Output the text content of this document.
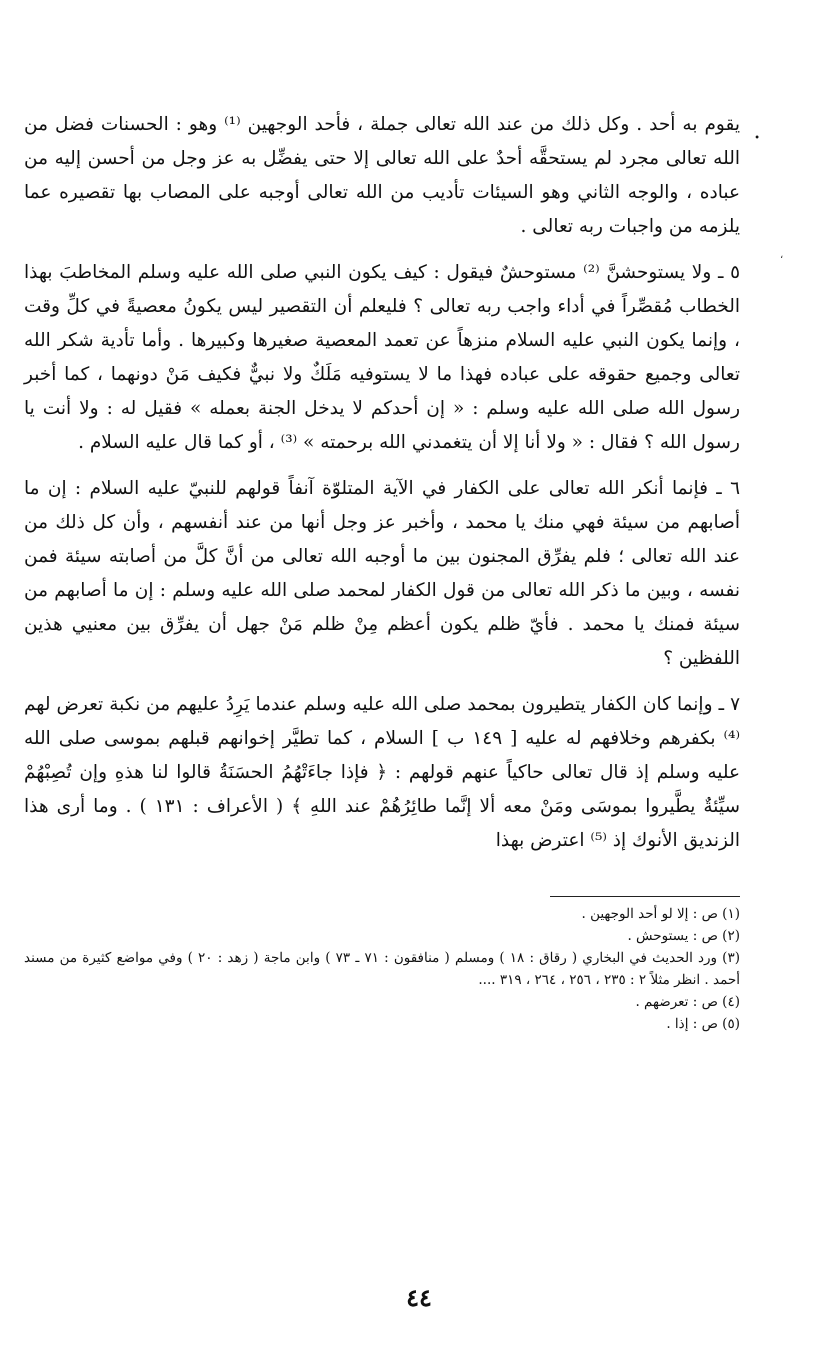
•
يقوم به أحد . وكل ذلك من عند الله تعالى جملة ، فأحد الوجهين ⁽¹⁾ وهو : الحسنات فضل من الله تعالى مجرد لم يستحقَّه أحدٌ على الله تعالى إلا حتى يفضِّل به عز وجل من أحسن إليه من عباده ، والوجه الثاني وهو السيئات تأديب من الله تعالى أوجبه على المصاب بها تقصيره عما يلزمه من واجبات ربه تعالى .

٥ ـ ولا يستوحشنَّ ⁽²⁾ مستوحشٌ فيقول : كيف يكون النبي صلى الله عليه وسلم المخاطبَ بهذا الخطاب مُقصِّراً في أداء واجب ربه تعالى ؟ فليعلم أن التقصير ليس يكونُ معصيةً في كلِّ وقت ، وإنما يكون النبي عليه السلام منزهاً عن تعمد المعصية صغيرها وكبيرها . وأما تأدية شكر الله تعالى وجميع حقوقه على عباده فهذا ما لا يستوفيه مَلَكٌ ولا نبيٌّ فكيف مَنْ دونهما ، كما أخبر رسول الله صلى الله عليه وسلم : « إن أحدكم لا يدخل الجنة بعمله » فقيل له : ولا أنت يا رسول الله ؟ فقال : « ولا أنا إلا أن يتغمدني الله برحمته » ⁽³⁾ ، أو كما قال عليه السلام .

٦ ـ فإنما أنكر الله تعالى على الكفار في الآية المتلوّة آنفاً قولهم للنبيّ عليه السلام : إن ما أصابهم من سيئة فهي منك يا محمد ، وأخبر عز وجل أنها من عند أنفسهم ، وأن كل ذلك من عند الله تعالى ؛ فلم يفرِّق المجنون بين ما أوجبه الله تعالى من أنَّ كلَّ من أصابته سيئة فمن نفسه ، وبين ما ذكر الله تعالى من قول الكفار لمحمد صلى الله عليه وسلم : إن ما أصابهم من سيئة فمنك يا محمد . فأيّ ظلم يكون أعظم مِنْ ظلم مَنْ جهل أن يفرِّق بين معنيي هذين اللفظين ؟

٧ ـ وإنما كان الكفار يتطيرون بمحمد صلى الله عليه وسلم عندما يَرِدُ عليهم من نكبة تعرض لهم ⁽⁴⁾ بكفرهم وخلافهم له عليه [ ١٤٩ ب ] السلام ، كما تطيَّر إخوانهم قبلهم بموسى صلى الله عليه وسلم إذ قال تعالى حاكياً عنهم قولهم : ﴿ فإذا جاءَتْهُمُ الحسَنَةُ قالوا لنا هذهِ وإن تُصِبْهُمْ سيِّئةٌ يطَّيروا بموسَى ومَنْ معه ألا إنَّما طائِرُهُمْ عند اللهِ ﴾ ( الأعراف : ١٣١ ) . وما أرى هذا الزنديق الأنوك إذ ⁽⁵⁾ اعترض بهذا

(١) ص : إلا لو أحد الوجهين .
(٢) ص : يستوحش .
(٣) ورد الحديث في البخاري ( رقاق : ١٨ ) ومسلم ( منافقون : ٧١ ـ ٧٣ ) وابن ماجة ( زهد : ٢٠ ) وفي مواضع كثيرة من مسند أحمد . انظر مثلاً ٢ : ٢٣٥ ، ٢٥٦ ، ٢٦٤ ، ٣١٩ ....
(٤) ص : تعرضهم .
(٥) ص : إذا .
،
٤٤
